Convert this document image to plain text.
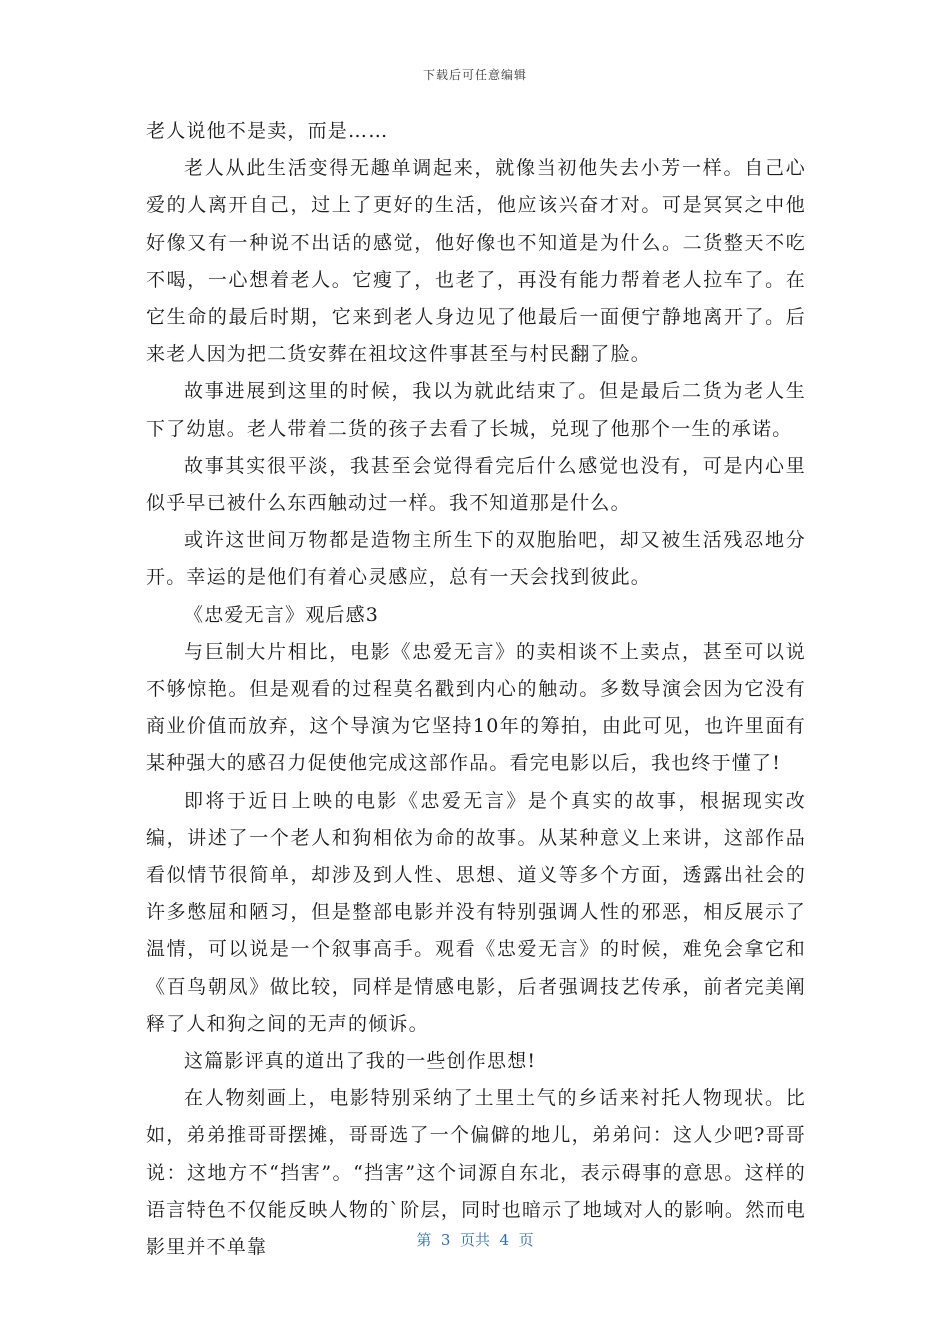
下载后可任意编辑

老人说他不是卖，而是……

老人从此生活变得无趣单调起来，就像当初他失去小芳一样。自己心爱的人离开自己，过上了更好的生活，他应该兴奋才对。可是冥冥之中他好像又有一种说不出话的感觉，他好像也不知道是为什么。二货整天不吃不喝，一心想着老人。它瘦了，也老了，再没有能力帮着老人拉车了。在它生命的最后时期，它来到老人身边见了他最后一面便宁静地离开了。后来老人因为把二货安葬在祖坟这件事甚至与村民翻了脸。

故事进展到这里的时候，我以为就此结束了。但是最后二货为老人生下了幼崽。老人带着二货的孩子去看了长城，兑现了他那个一生的承诺。

故事其实很平淡，我甚至会觉得看完后什么感觉也没有，可是内心里似乎早已被什么东西触动过一样。我不知道那是什么。

或许这世间万物都是造物主所生下的双胞胎吧，却又被生活残忍地分开。幸运的是他们有着心灵感应，总有一天会找到彼此。

《忠爱无言》观后感3

与巨制大片相比，电影《忠爱无言》的卖相谈不上卖点，甚至可以说不够惊艳。但是观看的过程莫名戳到内心的触动。多数导演会因为它没有商业价值而放弃，这个导演为它坚持10年的筹拍，由此可见，也许里面有某种强大的感召力促使他完成这部作品。看完电影以后，我也终于懂了!

即将于近日上映的电影《忠爱无言》是个真实的故事，根据现实改编，讲述了一个老人和狗相依为命的故事。从某种意义上来讲，这部作品看似情节很简单，却涉及到人性、思想、道义等多个方面，透露出社会的许多憋屈和陋习，但是整部电影并没有特别强调人性的邪恶，相反展示了温情，可以说是一个叙事高手。观看《忠爱无言》的时候，难免会拿它和《百鸟朝凤》做比较，同样是情感电影，后者强调技艺传承，前者完美阐释了人和狗之间的无声的倾诉。

这篇影评真的道出了我的一些创作思想!

在人物刻画上，电影特别采纳了土里土气的乡话来衬托人物现状。比如，弟弟推哥哥摆摊，哥哥选了一个偏僻的地儿，弟弟问：这人少吧?哥哥说：这地方不“挡害”。“挡害”这个词源自东北，表示碍事的意思。这样的语言特色不仅能反映人物的`阶层，同时也暗示了地域对人的影响。然而电影里并不单靠	第  3  页共  4  页
